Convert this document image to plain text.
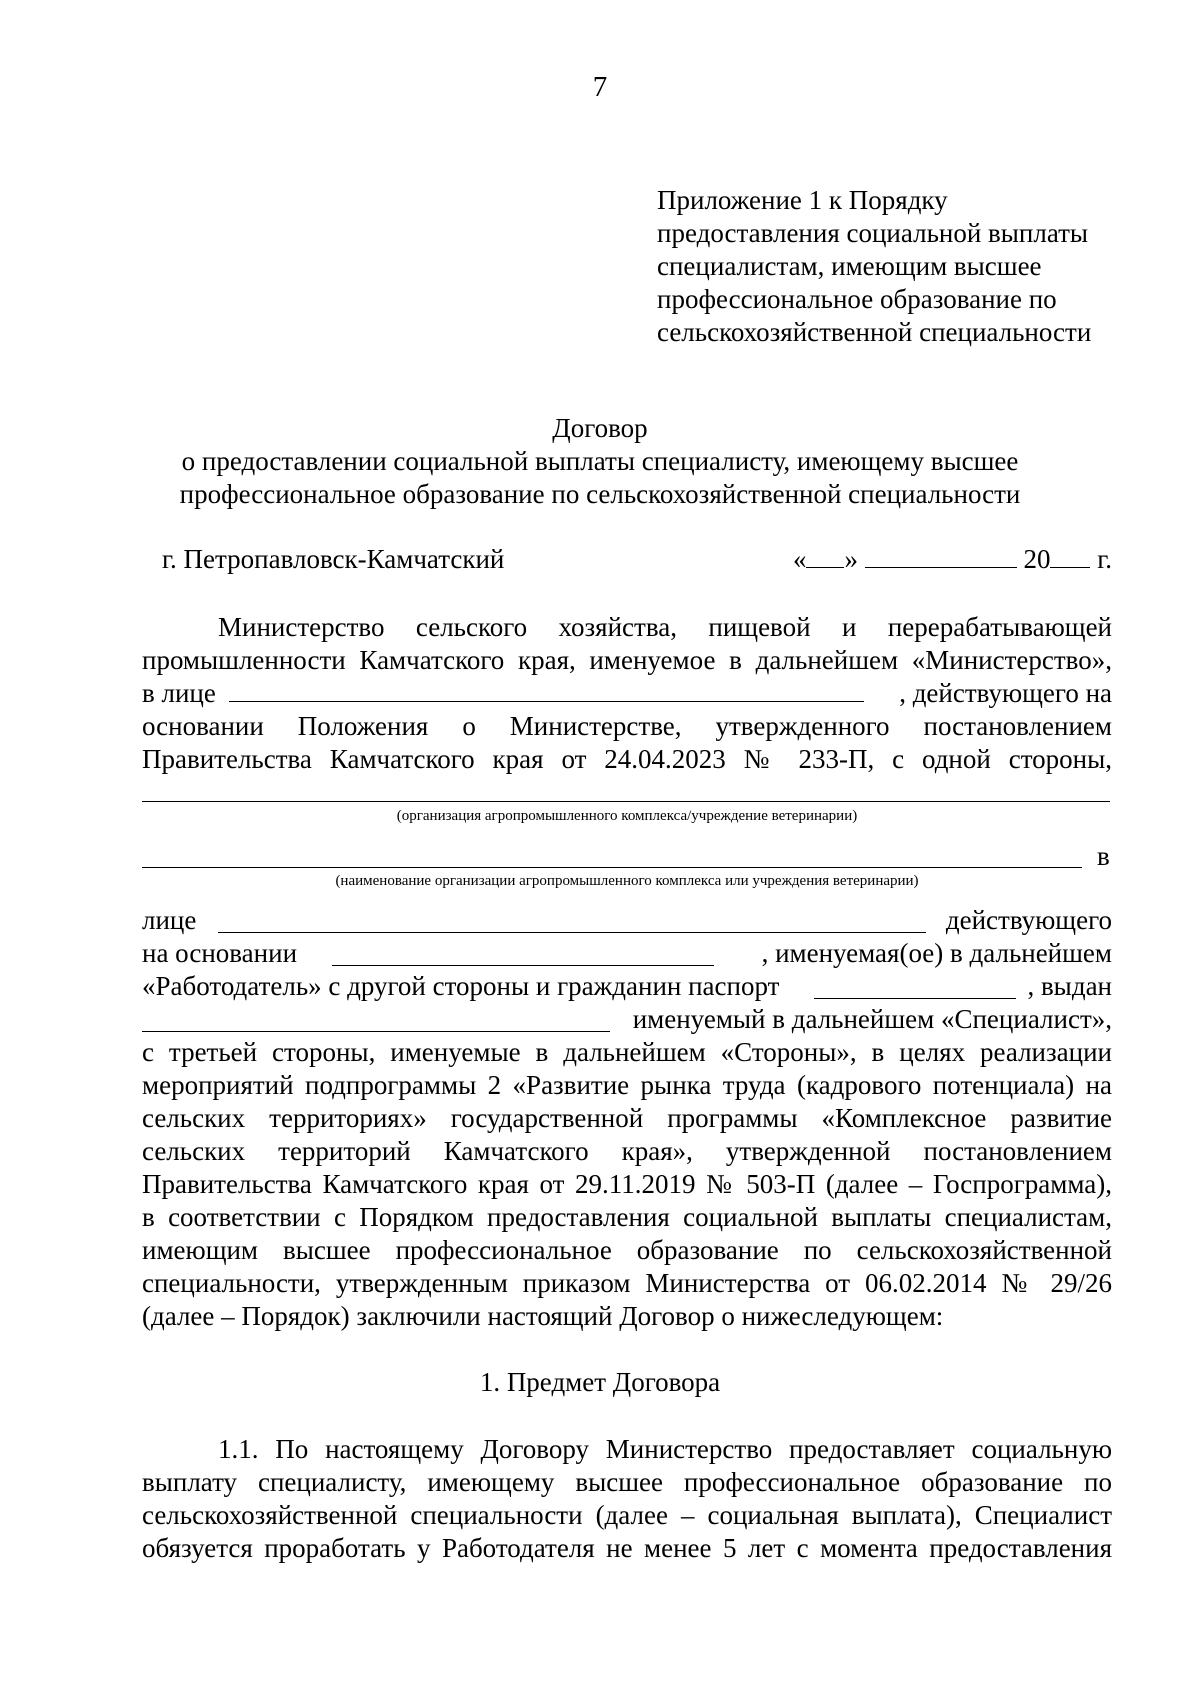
7
Приложение 1 к Порядку
предоставления социальной выплаты
специалистам, имеющим высшее
профессиональное образование по
сельскохозяйственной специальности
Договор
о предоставлении социальной выплаты специалисту, имеющему высшее
профессиональное образование по сельскохозяйственной специальности
г. Петропавловск-Камчатский	« »	20 г.
Министерство сельского хозяйства, пищевой и перерабатывающей
промышленности Камчатского края, именуемое в дальнейшем «Министерство»,
в лице	, действующего на
основании Положения о Министерстве, утвержденного постановлением
Правительства Камчатского края от 24.04.2023 № 233-П, с одной стороны,
(организация агропромышленного комплекса/учреждение ветеринарии)
в
(наименование организации агропромышленного комплекса или учреждения ветеринарии)
лице	действующего
на основании	, именуемая(ое) в дальнейшем
«Работодатель» с другой стороны и гражданин паспорт	, выдан
именуемый в дальнейшем «Специалист»,
с третьей стороны, именуемые в дальнейшем «Стороны», в целях реализации
мероприятий подпрограммы 2 «Развитие рынка труда (кадрового потенциала) на
сельских территориях» государственной программы «Комплексное развитие
сельских территорий Камчатского края», утвержденной постановлением
Правительства Камчатского края от 29.11.2019 № 503-П (далее – Госпрограмма),
в соответствии с Порядком предоставления социальной выплаты специалистам,
имеющим высшее профессиональное образование по сельскохозяйственной
специальности, утвержденным приказом Министерства от 06.02.2014 № 29/26
(далее – Порядок) заключили настоящий Договор о нижеследующем:
1. Предмет Договора
1.1. По настоящему Договору Министерство предоставляет социальную
выплату специалисту, имеющему высшее профессиональное образование по
сельскохозяйственной специальности (далее – социальная выплата), Специалист
обязуется проработать у Работодателя не менее 5 лет с момента предоставления
